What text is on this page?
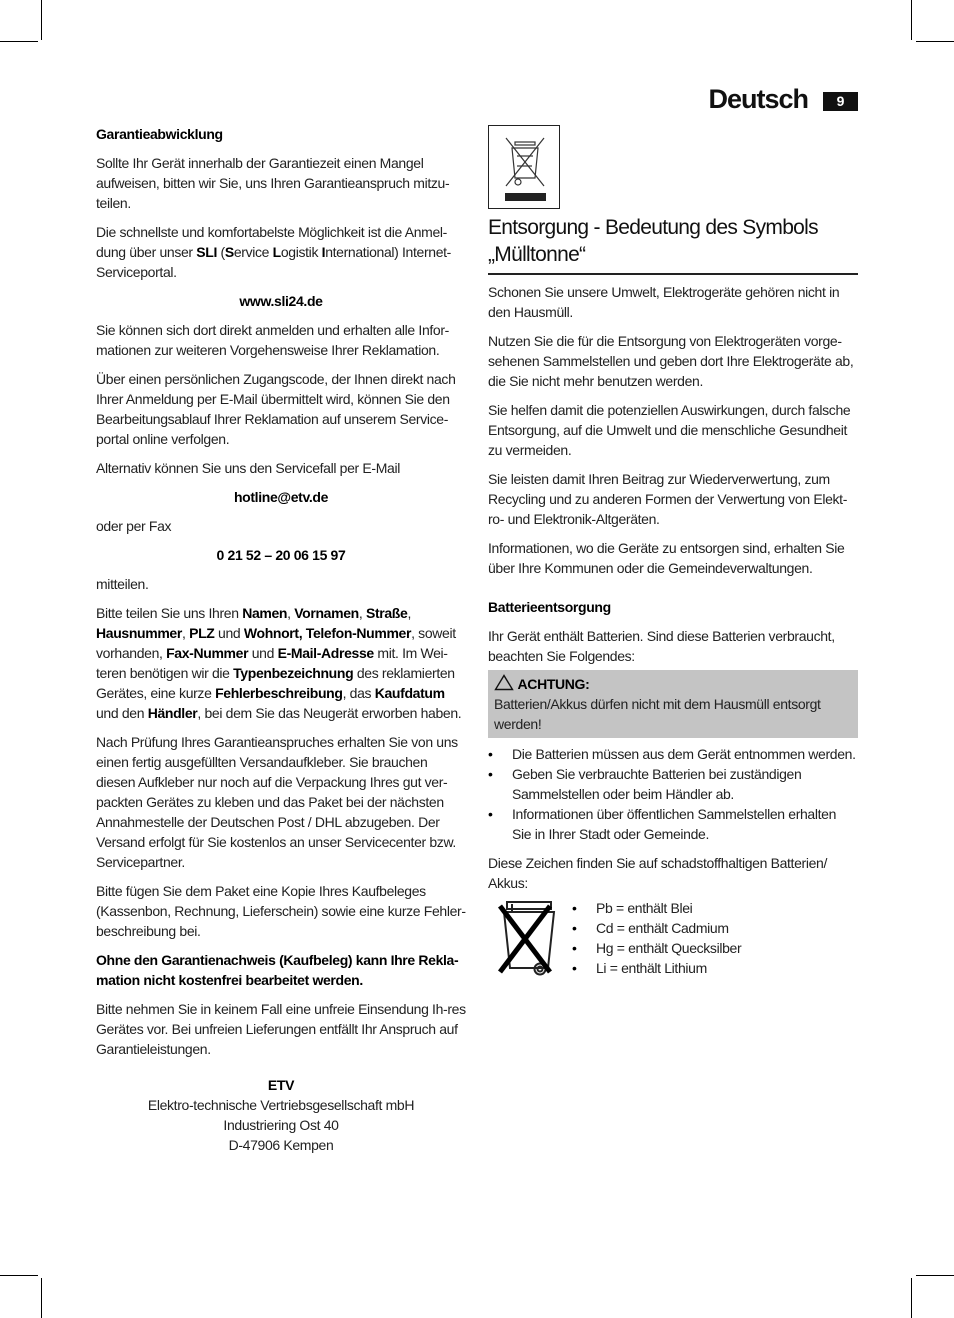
Deutsch	9

Garantieabwicklung

Sollte Ihr Gerät innerhalb der Garantiezeit einen Mangel aufweisen, bitten wir Sie, uns Ihren Garantieanspruch mitzu-teilen.

Die schnellste und komfortabelste Möglichkeit ist die Anmel-dung über unser SLI (Service Logistik International) Internet-Serviceportal.

www.sli24.de

Sie können sich dort direkt anmelden und erhalten alle Infor-mationen zur weiteren Vorgehensweise Ihrer Reklamation.

Über einen persönlichen Zugangscode, der Ihnen direkt nach Ihrer Anmeldung per E-Mail übermittelt wird, können Sie den Bearbeitungsablauf Ihrer Reklamation auf unserem Service-portal online verfolgen.

Alternativ können Sie uns den Servicefall per E-Mail

hotline@etv.de

oder per Fax

0 21 52 – 20 06 15 97

mitteilen.

Bitte teilen Sie uns Ihren Namen, Vornamen, Straße, Hausnummer, PLZ und Wohnort, Telefon-Nummer, soweit vorhanden, Fax-Nummer und E-Mail-Adresse mit. Im Wei-teren benötigen wir die Typenbezeichnung des reklamierten Gerätes, eine kurze Fehlerbeschreibung, das Kaufdatum und den Händler, bei dem Sie das Neugerät erworben haben.

Nach Prüfung Ihres Garantieanspruches erhalten Sie von uns einen fertig ausgefüllten Versandaufkleber. Sie brauchen diesen Aufkleber nur noch auf die Verpackung Ihres gut ver-packten Gerätes zu kleben und das Paket bei der nächsten Annahmestelle der Deutschen Post / DHL abzugeben. Der Versand erfolgt für Sie kostenlos an unser Servicecenter bzw. Servicepartner.

Bitte fügen Sie dem Paket eine Kopie Ihres Kaufbeleges (Kassenbon, Rechnung, Lieferschein) sowie eine kurze Fehler-beschreibung bei.

Ohne den Garantienachweis (Kaufbeleg) kann Ihre Rekla-mation nicht kostenfrei bearbeitet werden.

Bitte nehmen Sie in keinem Fall eine unfreie Einsendung Ih-res Gerätes vor. Bei unfreien Lieferungen entfällt Ihr Anspruch auf Garantieleistungen.

ETV
Elektro-technische Vertriebsgesellschaft mbH
Industriering Ost 40
D-47906 Kempen
Entsorgung - Bedeutung des Symbols „Mülltonne“

Schonen Sie unsere Umwelt, Elektrogeräte gehören nicht in den Hausmüll.

Nutzen Sie die für die Entsorgung von Elektrogeräten vorge-sehenen Sammelstellen und geben dort Ihre Elektrogeräte ab, die Sie nicht mehr benutzen werden.

Sie helfen damit die potenziellen Auswirkungen, durch falsche Entsorgung, auf die Umwelt und die menschliche Gesundheit zu vermeiden.

Sie leisten damit Ihren Beitrag zur Wiederverwertung, zum Recycling und zu anderen Formen der Verwertung von Elekt-ro- und Elektronik-Altgeräten.

Informationen, wo die Geräte zu entsorgen sind, erhalten Sie über Ihre Kommunen oder die Gemeindeverwaltungen.

Batterieentsorgung

Ihr Gerät enthält Batterien. Sind diese Batterien verbraucht, beachten Sie Folgendes:

ACHTUNG:
Batterien/Akkus dürfen nicht mit dem Hausmüll entsorgt werden!
• Die Batterien müssen aus dem Gerät entnommen werden.
• Geben Sie verbrauchte Batterien bei zuständigen Sammelstellen oder beim Händler ab.
• Informationen über öffentlichen Sammelstellen erhalten Sie in Ihrer Stadt oder Gemeinde.

Diese Zeichen finden Sie auf schadstoffhaltigen Batterien/ Akkus:

• Pb = enthält Blei
• Cd = enthält Cadmium
• Hg = enthält Quecksilber
• Li = enthält Lithium
